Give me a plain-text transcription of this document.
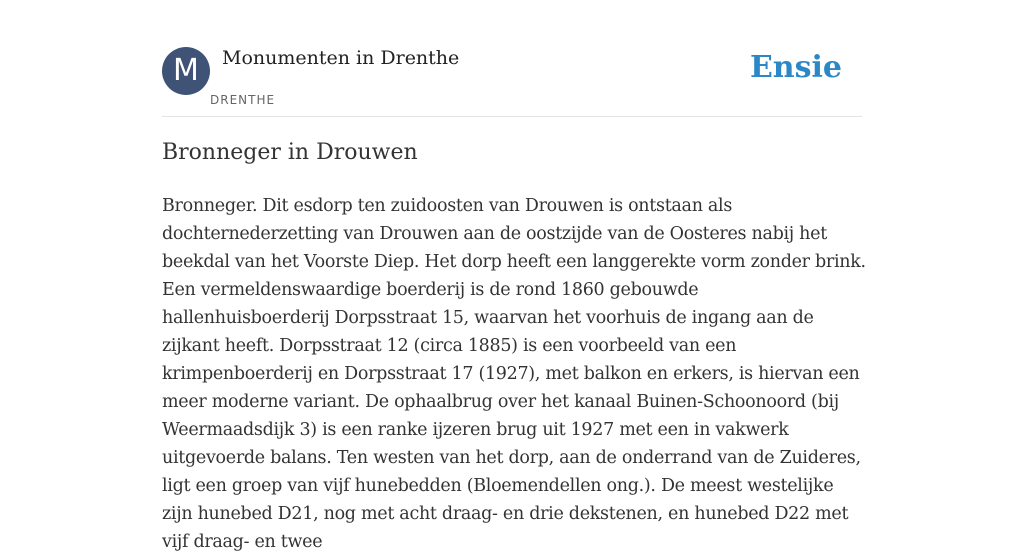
M	Monumenten in Drenthe
DRENTHE
Ensie
Bronneger in Drouwen

Bronneger. Dit esdorp ten zuidoosten van Drouwen is ontstaan als dochternederzetting van Drouwen aan de oostzijde van de Oosteres nabij het beekdal van het Voorste Diep. Het dorp heeft een langgerekte vorm zonder brink. Een vermeldenswaardige boerderij is de rond 1860 gebouwde hallenhuisboerderij Dorpsstraat 15, waarvan het voorhuis de ingang aan de zijkant heeft. Dorpsstraat 12 (circa 1885) is een voorbeeld van een krimpenboerderij en Dorpsstraat 17 (1927), met balkon en erkers, is hiervan een meer moderne variant. De ophaalbrug over het kanaal Buinen-Schoonoord (bij Weermaadsdijk 3) is een ranke ijzeren brug uit 1927 met een in vakwerk uitgevoerde balans. Ten westen van het dorp, aan de onderrand van de Zuideres, ligt een groep van vijf hunebedden (Bloemendellen ong.). De meest westelijke zijn hunebed D21, nog met acht draag- en drie dekstenen, en hunebed D22 met vijf draag- en twee
